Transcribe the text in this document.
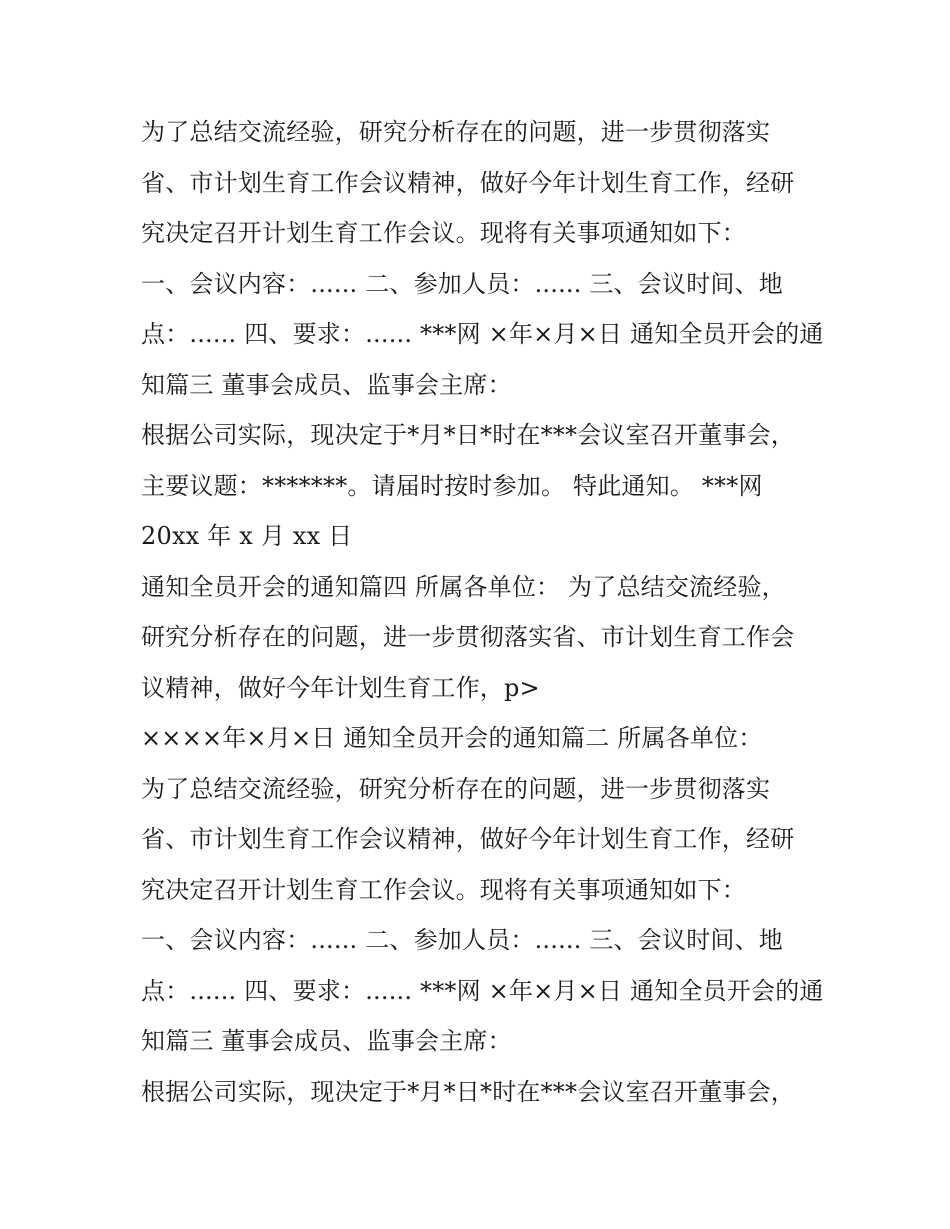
为了总结交流经验，研究分析存在的问题，进一步贯彻落实
省、市计划生育工作会议精神，做好今年计划生育工作，经研
究决定召开计划生育工作会议。现将有关事项通知如下：
一、会议内容：...... 二、参加人员：...... 三、会议时间、地
点：...... 四、要求：...... ***网 ×年×月×日 通知全员开会的通
知篇三 董事会成员、监事会主席：
根据公司实际，现决定于*月*日*时在***会议室召开董事会，
主要议题：*******。请届时按时参加。 特此通知。 ***网
20xx 年 x 月 xx 日
通知全员开会的通知篇四 所属各单位： 为了总结交流经验，
研究分析存在的问题，进一步贯彻落实省、市计划生育工作会
议精神，做好今年计划生育工作，p>
××××年×月×日 通知全员开会的通知篇二 所属各单位：
为了总结交流经验，研究分析存在的问题，进一步贯彻落实
省、市计划生育工作会议精神，做好今年计划生育工作，经研
究决定召开计划生育工作会议。现将有关事项通知如下：
一、会议内容：...... 二、参加人员：...... 三、会议时间、地
点：...... 四、要求：...... ***网 ×年×月×日 通知全员开会的通
知篇三 董事会成员、监事会主席：
根据公司实际，现决定于*月*日*时在***会议室召开董事会，
